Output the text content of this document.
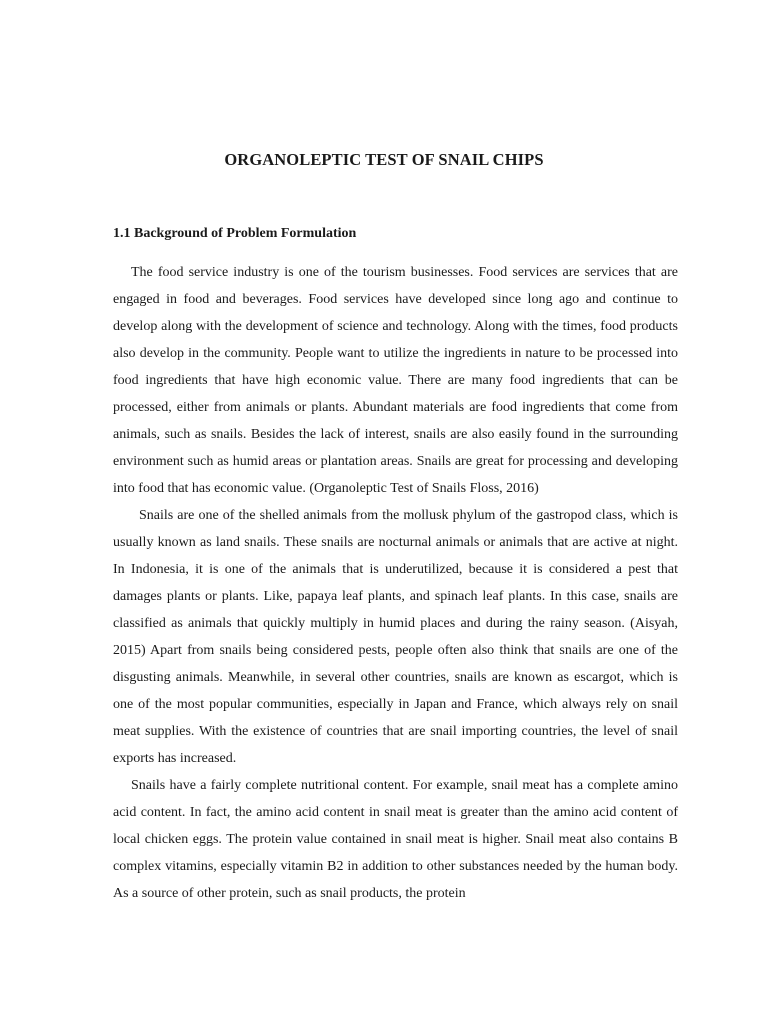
ORGANOLEPTIC TEST OF SNAIL CHIPS
1.1 Background of Problem Formulation

The food service industry is one of the tourism businesses. Food services are services that are engaged in food and beverages. Food services have developed since long ago and continue to develop along with the development of science and technology. Along with the times, food products also develop in the community. People want to utilize the ingredients in nature to be processed into food ingredients that have high economic value. There are many food ingredients that can be processed, either from animals or plants. Abundant materials are food ingredients that come from animals, such as snails. Besides the lack of interest, snails are also easily found in the surrounding environment such as humid areas or plantation areas. Snails are great for processing and developing into food that has economic value. (Organoleptic Test of Snails Floss, 2016)

Snails are one of the shelled animals from the mollusk phylum of the gastropod class, which is usually known as land snails. These snails are nocturnal animals or animals that are active at night. In Indonesia, it is one of the animals that is underutilized, because it is considered a pest that damages plants or plants. Like, papaya leaf plants, and spinach leaf plants. In this case, snails are classified as animals that quickly multiply in humid places and during the rainy season. (Aisyah, 2015) Apart from snails being considered pests, people often also think that snails are one of the disgusting animals. Meanwhile, in several other countries, snails are known as escargot, which is one of the most popular communities, especially in Japan and France, which always rely on snail meat supplies. With the existence of countries that are snail importing countries, the level of snail exports has increased.

Snails have a fairly complete nutritional content. For example, snail meat has a complete amino acid content. In fact, the amino acid content in snail meat is greater than the amino acid content of local chicken eggs. The protein value contained in snail meat is higher. Snail meat also contains B complex vitamins, especially vitamin B2 in addition to other substances needed by the human body. As a source of other protein, such as snail products, the protein
